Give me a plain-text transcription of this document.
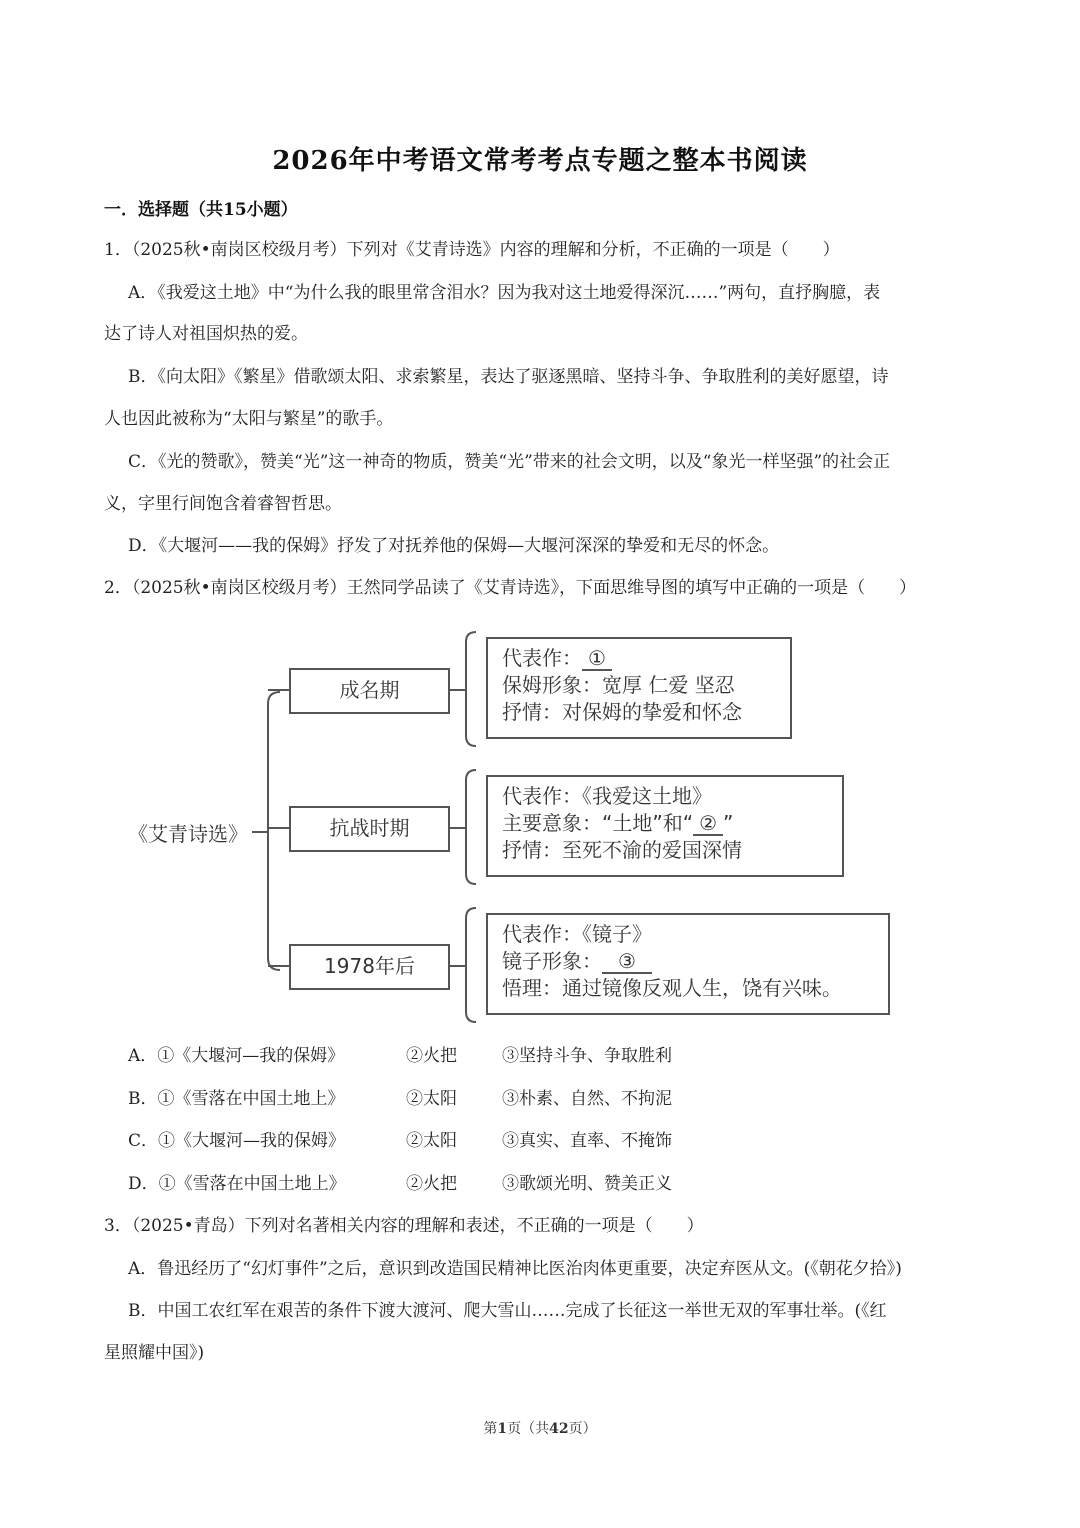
2026年中考语文常考考点专题之整本书阅读
一．选择题（共15小题）
1．（2025秋•南岗区校级月考）下列对《艾青诗选》内容的理解和分析，不正确的一项是（　　）
A．《我爱这土地》中“为什么我的眼里常含泪水？因为我对这土地爱得深沉……”两句，直抒胸臆，表
达了诗人对祖国炽热的爱。
B．《向太阳》《繁星》借歌颂太阳、求索繁星，表达了驱逐黑暗、坚持斗争、争取胜利的美好愿望，诗
人也因此被称为“太阳与繁星”的歌手。
C．《光的赞歌》，赞美“光”这一神奇的物质，赞美“光”带来的社会文明，以及“象光一样坚强”的社会正
义，字里行间饱含着睿智哲思。
D．《大堰河——我的保姆》抒发了对抚养他的保姆—大堰河深深的挚爱和无尽的怀念。
2．（2025秋•南岗区校级月考）王然同学品读了《艾青诗选》，下面思维导图的填写中正确的一项是（　　）
《艾青诗选》
成名期
抗战时期
1978年后
代表作： ①
保姆形象：宽厚 仁爱 坚忍
抒情：对保姆的挚爱和怀念
代表作：《我爱这土地》
主要意象：“土地”和“ ② ”
抒情：至死不渝的爱国深情
代表作：《镜子》
镜子形象： ③
悟理：通过镜像反观人生，饶有兴味。
A．①《大堰河—我的保姆》	②火把	③坚持斗争、争取胜利
B．①《雪落在中国土地上》	②太阳	③朴素、自然、不拘泥
C．①《大堰河—我的保姆》	②太阳	③真实、直率、不掩饰
D．①《雪落在中国土地上》	②火把	③歌颂光明、赞美正义
3．（2025•青岛）下列对名著相关内容的理解和表述，不正确的一项是（　　）
A．鲁迅经历了“幻灯事件”之后，意识到改造国民精神比医治肉体更重要，决定弃医从文。(《朝花夕拾》)
B．中国工农红军在艰苦的条件下渡大渡河、爬大雪山……完成了长征这一举世无双的军事壮举。(《红
星照耀中国》)
第1页（共42页）
